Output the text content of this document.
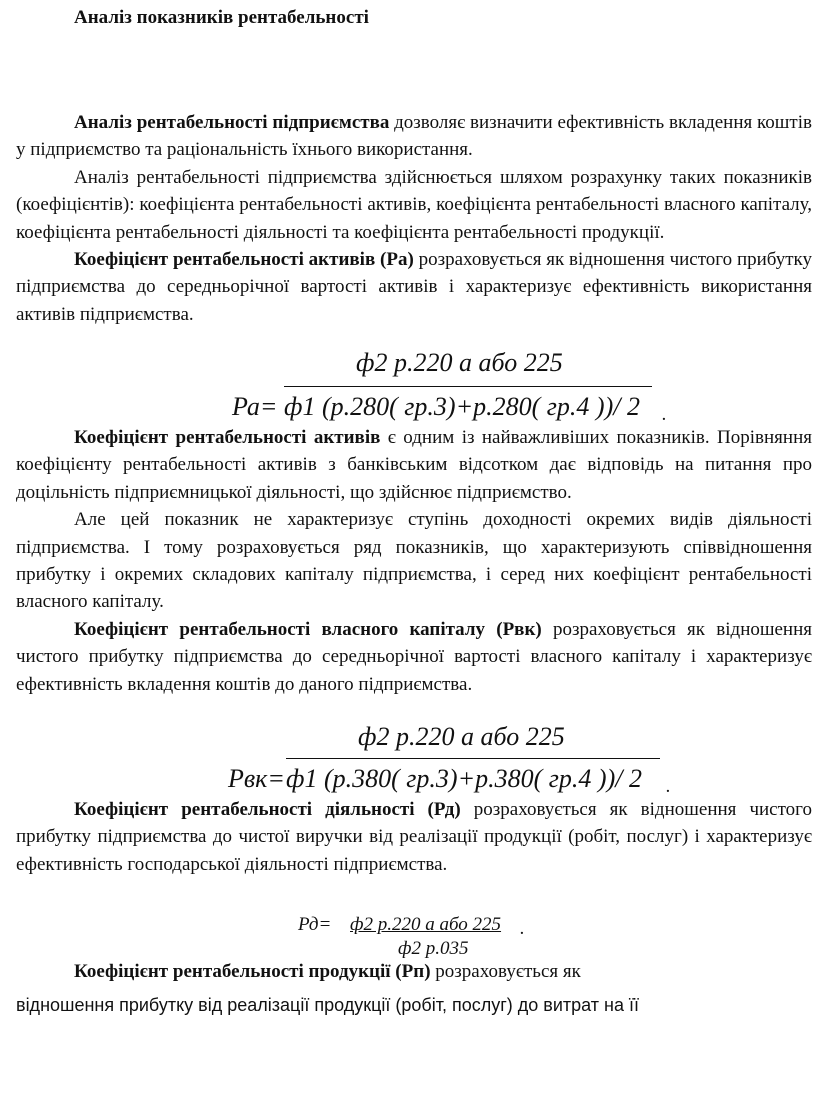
Аналіз показників рентабельності

Аналіз рентабельності підприємства дозволяє визначити ефективність вкладення коштів у підприємство та раціональність їхнього використання.

Аналіз рентабельності підприємства здійснюється шляхом розрахунку таких показників (коефіцієнтів): коефіцієнта рентабельності активів, коефіцієнта рентабельності власного капіталу, коефіцієнта рентабельності діяльності та коефіцієнта рентабельності продукції.

Коефіцієнт рентабельності активів (Ра) розраховується як відношення чистого прибутку підприємства до середньорічної вартості активів і характеризує ефективність використання активів підприємства.

ф2 р.220 а або 225
Ра= ф1 (р.280( гр.3)+р.280( гр.4 ))/ 2 .

Коефіцієнт рентабельності активів є одним із найважливіших показників. Порівняння коефіцієнту рентабельності активів з банківським відсотком дає відповідь на питання про доцільність підприємницької діяльності, що здійснює підприємство.

Але цей показник не характеризує ступінь доходності окремих видів діяльності підприємства. І тому розраховується ряд показників, що характеризують співвідношення прибутку і окремих складових капіталу підприємства, і серед них коефіцієнт рентабельності власного капіталу.

Коефіцієнт рентабельності власного капіталу (Рвк) розраховується як відношення чистого прибутку підприємства до середньорічної вартості власного капіталу і характеризує ефективність вкладення коштів до даного підприємства.

ф2 р.220 а або 225
Рвк= ф1 (р.380( гр.3)+р.380( гр.4 ))/ 2 .

Коефіцієнт рентабельності діяльності (Рд) розраховується як відношення чистого прибутку підприємства до чистої виручки від реалізації продукції (робіт, послуг) і характеризує ефективність господарської діяльності підприємства.

Рд= ф2 р.220 а або 225
ф2 р.035
.

Коефіцієнт рентабельності продукції (Рп) розраховується як

відношення прибутку від реалізації продукції (робіт, послуг) до витрат на її
